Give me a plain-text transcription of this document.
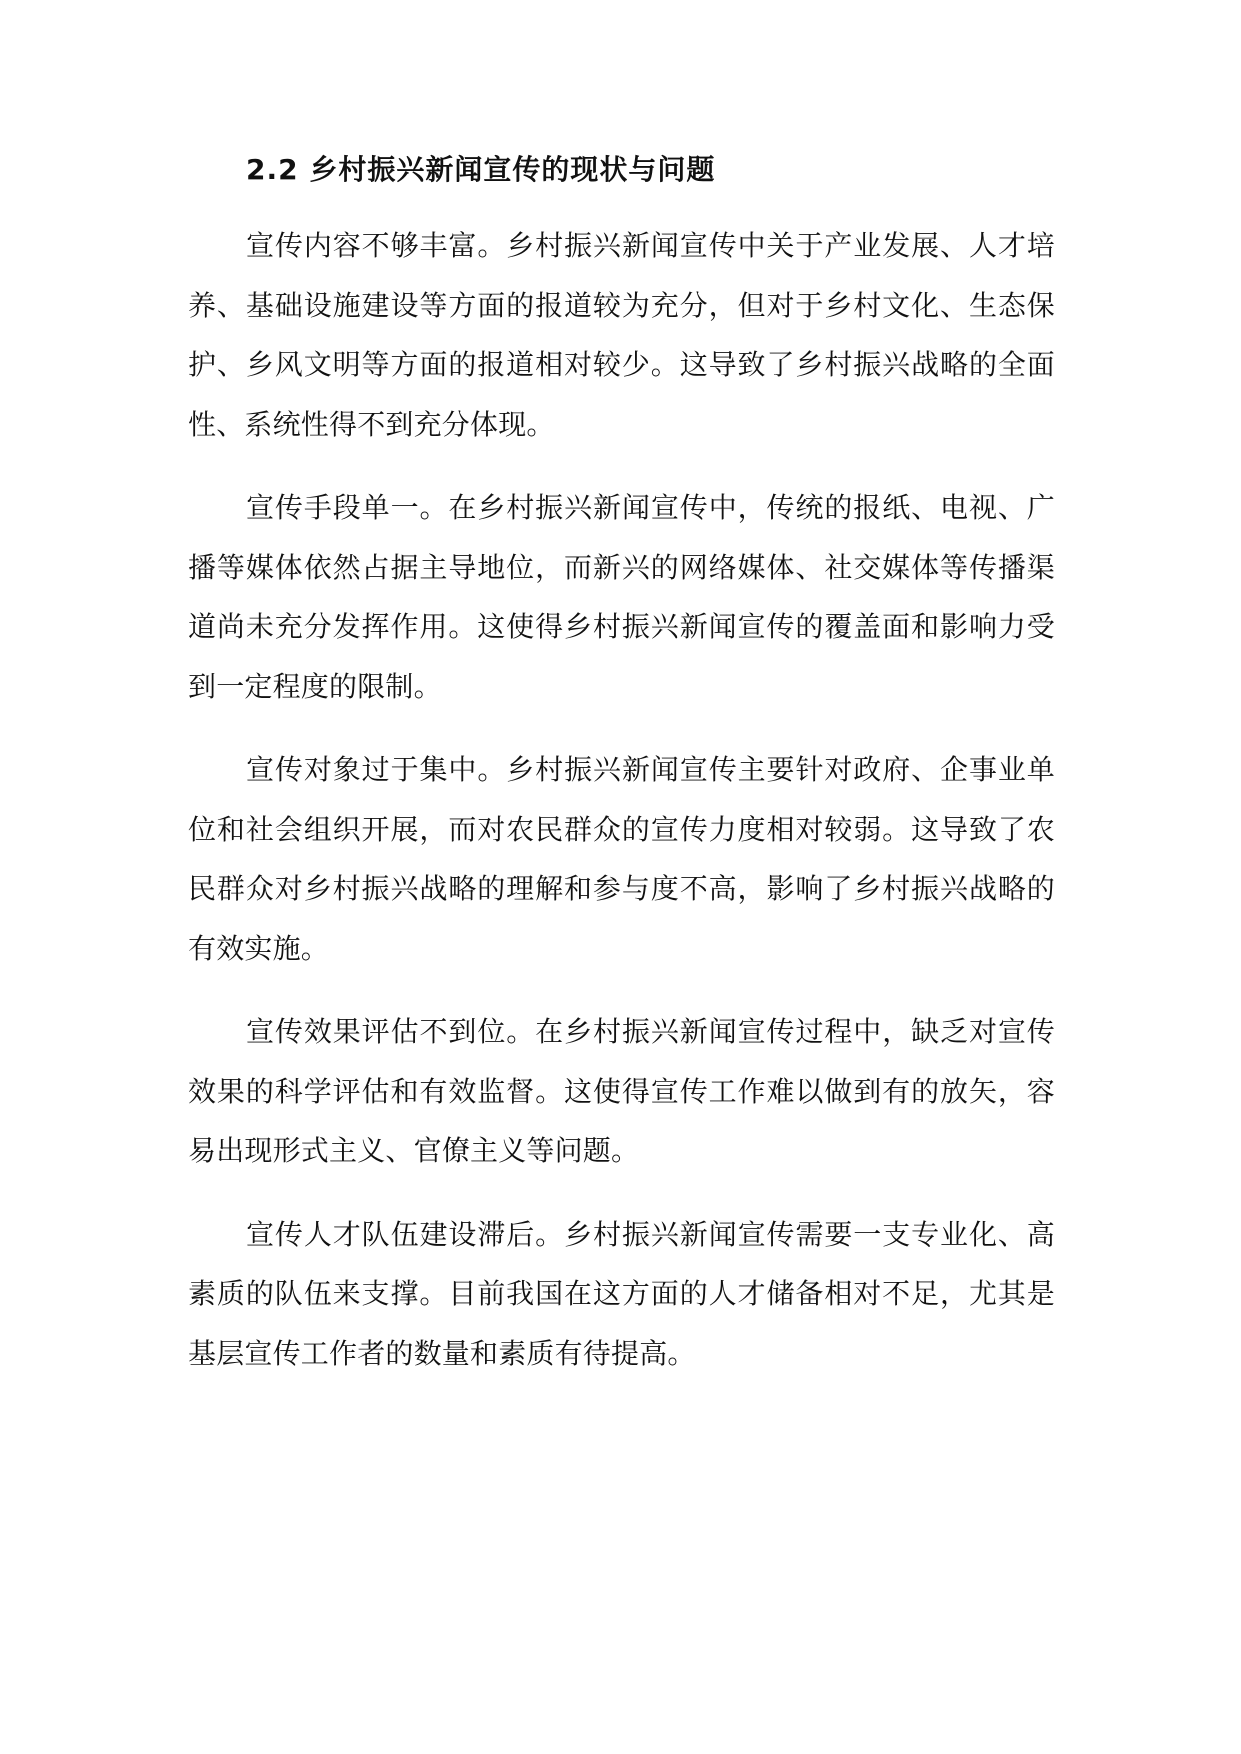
2.2 乡村振兴新闻宣传的现状与问题

宣传内容不够丰富。乡村振兴新闻宣传中关于产业发展、人才培养、基础设施建设等方面的报道较为充分，但对于乡村文化、生态保护、乡风文明等方面的报道相对较少。这导致了乡村振兴战略的全面性、系统性得不到充分体现。

宣传手段单一。在乡村振兴新闻宣传中，传统的报纸、电视、广播等媒体依然占据主导地位，而新兴的网络媒体、社交媒体等传播渠道尚未充分发挥作用。这使得乡村振兴新闻宣传的覆盖面和影响力受到一定程度的限制。

宣传对象过于集中。乡村振兴新闻宣传主要针对政府、企事业单位和社会组织开展，而对农民群众的宣传力度相对较弱。这导致了农民群众对乡村振兴战略的理解和参与度不高，影响了乡村振兴战略的有效实施。

宣传效果评估不到位。在乡村振兴新闻宣传过程中，缺乏对宣传效果的科学评估和有效监督。这使得宣传工作难以做到有的放矢，容易出现形式主义、官僚主义等问题。

宣传人才队伍建设滞后。乡村振兴新闻宣传需要一支专业化、高素质的队伍来支撑。目前我国在这方面的人才储备相对不足，尤其是基层宣传工作者的数量和素质有待提高。
